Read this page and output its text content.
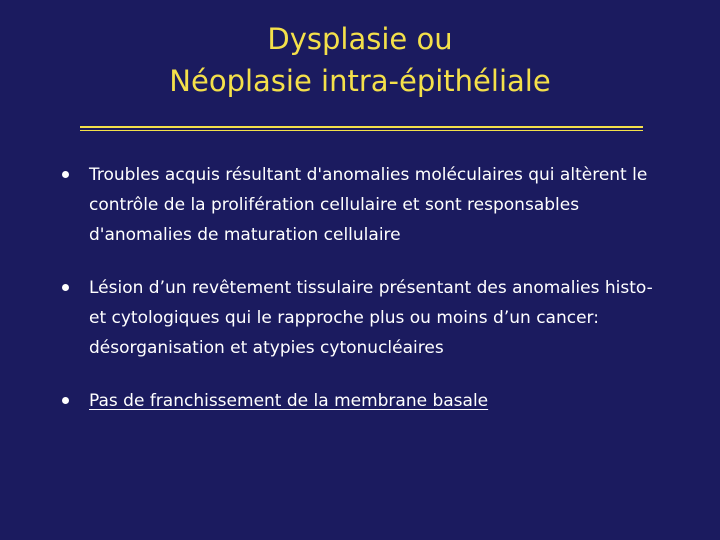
Dysplasie ou
Néoplasie intra-épithéliale
Troubles acquis résultant d'anomalies moléculaires qui altèrent le contrôle de la prolifération cellulaire et sont responsables d'anomalies de maturation cellulaire
Lésion d’un revêtement tissulaire présentant des anomalies histo- et cytologiques qui le rapproche plus ou moins d’un cancer: désorganisation et atypies cytonucléaires
Pas de franchissement de la membrane basale
